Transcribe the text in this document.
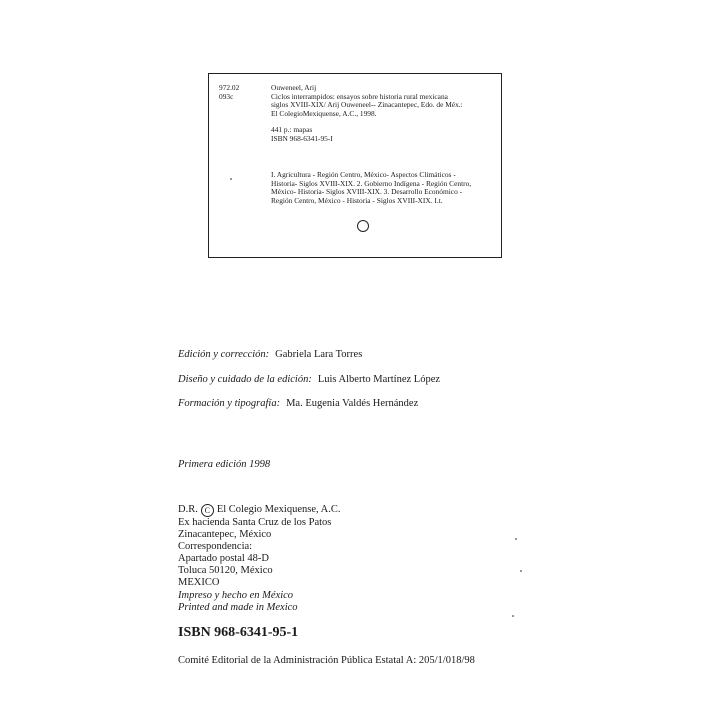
972.02
093c
Ouweneel, Arij
Ciclos interrampidos: ensayos sobre historia rural mexicana
siglos XVIII-XIX/ Arij Ouweneel-- Zinacantepec, Edo. de Méx.:
El ColegioMexiquense, A.C., 1998.
441 p.: mapas
ISBN 968-6341-95-I
I. Agricultura - Región Centro, México- Aspectos Climáticos -
Historia- Siglos XVIII-XIX. 2. Gobierno Indígena - Región Centro,
México- Historia- Siglos XVIII-XIX. 3. Desarrollo Económico -
Región Centro, México - Historia - Siglos XVIII-XIX. I.t.
Edición y corrección: Gabriela Lara Torres
Diseño y cuidado de la edición: Luis Alberto Martínez López
Formación y tipografía: Ma. Eugenia Valdés Hernández
Primera edición 1998
D.R. C El Colegio Mexiquense, A.C.
Ex hacienda Santa Cruz de los Patos
Zinacantepec, México
Correspondencia:
Apartado postal 48-D
Toluca 50120, México
MEXICO
Impreso y hecho en México
Printed and made in Mexico
ISBN 968-6341-95-1
Comité Editorial de la Administración Pública Estatal A: 205/1/018/98
